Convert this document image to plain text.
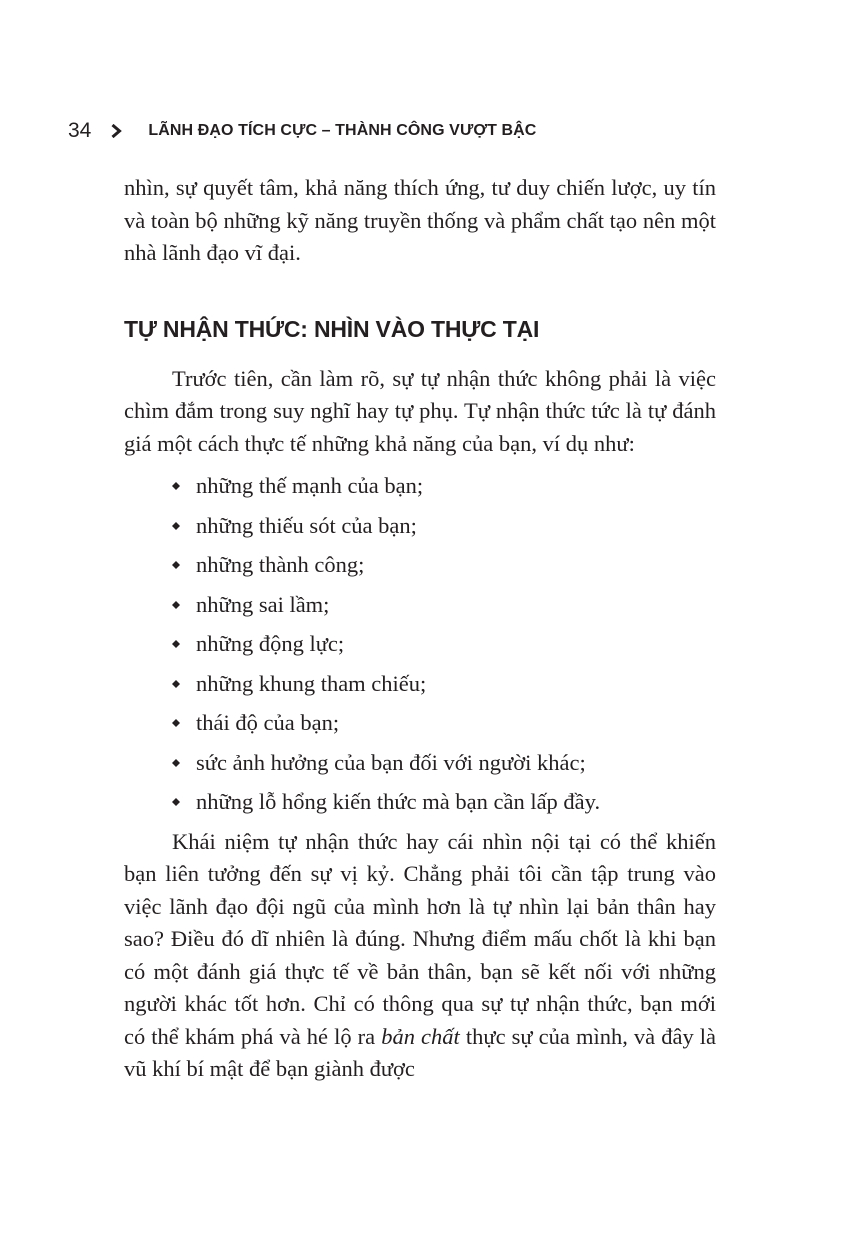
34	LÃNH ĐẠO TÍCH CỰC – THÀNH CÔNG VƯỢT BẬC

nhìn, sự quyết tâm, khả năng thích ứng, tư duy chiến lược, uy tín và toàn bộ những kỹ năng truyền thống và phẩm chất tạo nên một nhà lãnh đạo vĩ đại.

TỰ NHẬN THỨC: NHÌN VÀO THỰC TẠI

Trước tiên, cần làm rõ, sự tự nhận thức không phải là việc chìm đắm trong suy nghĩ hay tự phụ. Tự nhận thức tức là tự đánh giá một cách thực tế những khả năng của bạn, ví dụ như:

những thế mạnh của bạn;
những thiếu sót của bạn;
những thành công;
những sai lầm;
những động lực;
những khung tham chiếu;
thái độ của bạn;
sức ảnh hưởng của bạn đối với người khác;
những lỗ hổng kiến thức mà bạn cần lấp đầy.

Khái niệm tự nhận thức hay cái nhìn nội tại có thể khiến bạn liên tưởng đến sự vị kỷ. Chẳng phải tôi cần tập trung vào việc lãnh đạo đội ngũ của mình hơn là tự nhìn lại bản thân hay sao? Điều đó dĩ nhiên là đúng. Nhưng điểm mấu chốt là khi bạn có một đánh giá thực tế về bản thân, bạn sẽ kết nối với những người khác tốt hơn. Chỉ có thông qua sự tự nhận thức, bạn mới có thể khám phá và hé lộ ra bản chất thực sự của mình, và đây là vũ khí bí mật để bạn giành được
